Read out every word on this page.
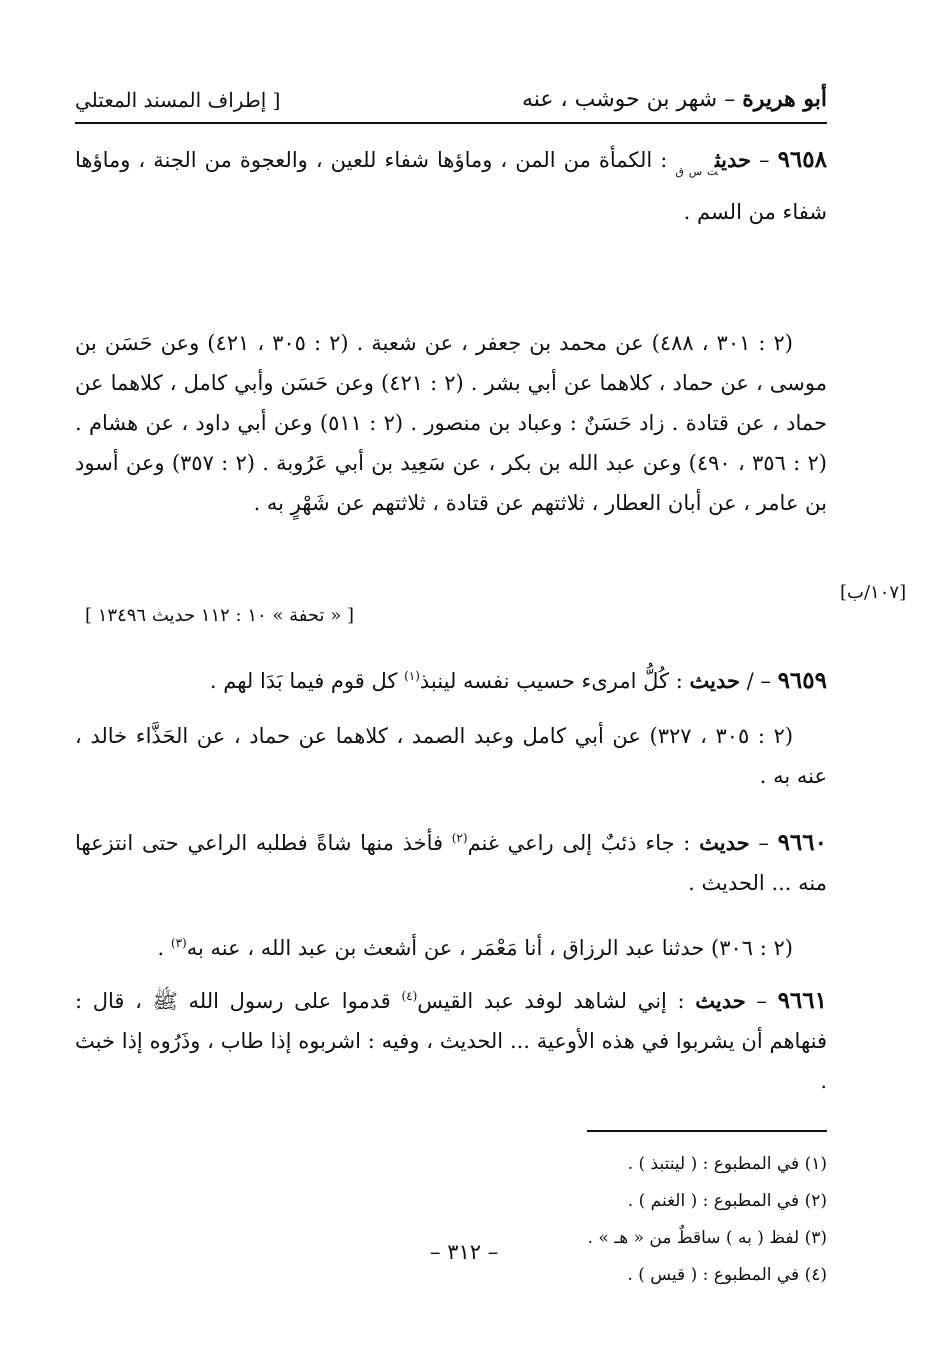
أبو هريرة – شهر بن حوشب ، عنه
[ إطراف المسند المعتلي

٩٦٥٨ – حديث$_{ت س ق}$ : الكمأة من المن ، وماؤها شفاء للعين ، والعجوة من الجنة ، وماؤها شفاء من السم .

(٢ : ٣٠١ ، ٤٨٨) عن محمد بن جعفر ، عن شعبة . (٢ : ٣٠٥ ، ٤٢١) وعن حَسَن بن موسى ، عن حماد ، كلاهما عن أبي بشر . (٢ : ٤٢١) وعن حَسَن وأبي كامل ، كلاهما عن حماد ، عن قتادة . زاد حَسَنٌ : وعباد بن منصور . (٢ : ٥١١) وعن أبي داود ، عن هشام . (٢ : ٣٥٦ ، ٤٩٠) وعن عبد الله بن بكر ، عن سَعِيد بن أبي عَرُوبة . (٢ : ٣٥٧) وعن أسود بن عامر ، عن أبان العطار ، ثلاثتهم عن قتادة ، ثلاثتهم عن شَهْرٍ به .

[ « تحفة » ١٠ : ١١٢ حديث ١٣٤٩٦ ]

٩٦٥٩ – / حديث : كُلُّ امرىء حسيب نفسه لينبذ$^{(١)}$ كل قوم فيما بَدَا لهم .

(٢ : ٣٠٥ ، ٣٢٧) عن أبي كامل وعبد الصمد ، كلاهما عن حماد ، عن الحَذَّاء خالد ، عنه به .

٩٦٦٠ – حديث : جاء ذئبٌ إلى راعي غنم$^{(٢)}$ فأخذ منها شاةً فطلبه الراعي حتى انتزعها منه ... الحديث .

(٢ : ٣٠٦) حدثنا عبد الرزاق ، أنا مَعْمَر ، عن أشعث بن عبد الله ، عنه به$^{(٣)}$ .

٩٦٦١ – حديث : إني لشاهد لوفد عبد القيس$^{(٤)}$ قدموا على رسول الله ﷺ ، قال : فنهاهم أن يشربوا في هذه الأوعية ... الحديث ، وفيه : اشربوه إذا طاب ، وذَرُوه إذا خبث .

(١) في المطبوع : ( لينتبذ ) .
(٢) في المطبوع : ( الغنم ) .
(٣) لفظ ( به ) ساقطٌ من « هـ » .
(٤) في المطبوع : ( قيس ) .
[١٠٧/ب]
– ٣١٢ –
